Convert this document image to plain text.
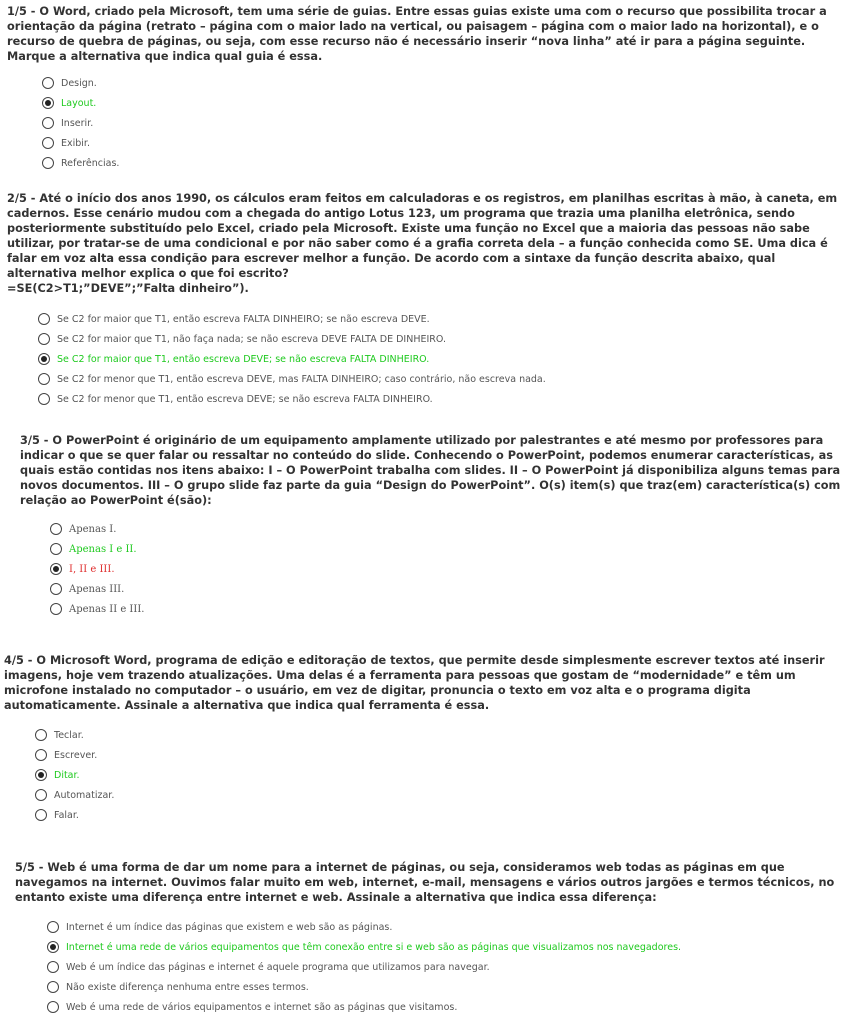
1/5 - O Word, criado pela Microsoft, tem uma série de guias. Entre essas guias existe uma com o recurso que possibilita trocar a orientação da página (retrato – página com o maior lado na vertical, ou paisagem – página com o maior lado na horizontal), e o recurso de quebra de páginas, ou seja, com esse recurso não é necessário inserir “nova linha” até ir para a página seguinte. Marque a alternativa que indica qual guia é essa.

Design.
Layout.
Inserir.
Exibir.
Referências.

2/5 - Até o início dos anos 1990, os cálculos eram feitos em calculadoras e os registros, em planilhas escritas à mão, à caneta, em cadernos. Esse cenário mudou com a chegada do antigo Lotus 123, um programa que trazia uma planilha eletrônica, sendo posteriormente substituído pelo Excel, criado pela Microsoft. Existe uma função no Excel que a maioria das pessoas não sabe utilizar, por tratar-se de uma condicional e por não saber como é a grafia correta dela – a função conhecida como SE. Uma dica é falar em voz alta essa condição para escrever melhor a função. De acordo com a sintaxe da função descrita abaixo, qual alternativa melhor explica o que foi escrito?
=SE(C2>T1;”DEVE”;”Falta dinheiro”).

Se C2 for maior que T1, então escreva FALTA DINHEIRO; se não escreva DEVE.
Se C2 for maior que T1, não faça nada; se não escreva DEVE FALTA DE DINHEIRO.
Se C2 for maior que T1, então escreva DEVE; se não escreva FALTA DINHEIRO.
Se C2 for menor que T1, então escreva DEVE, mas FALTA DINHEIRO; caso contrário, não escreva nada.
Se C2 for menor que T1, então escreva DEVE; se não escreva FALTA DINHEIRO.

3/5 - O PowerPoint é originário de um equipamento amplamente utilizado por palestrantes e até mesmo por professores para indicar o que se quer falar ou ressaltar no conteúdo do slide. Conhecendo o PowerPoint, podemos enumerar características, as quais estão contidas nos itens abaixo: I – O PowerPoint trabalha com slides. II – O PowerPoint já disponibiliza alguns temas para novos documentos. III – O grupo slide faz parte da guia “Design do PowerPoint”. O(s) item(s) que traz(em) característica(s) com relação ao PowerPoint é(são):

Apenas I.
Apenas I e II.
I, II e III.
Apenas III.
Apenas II e III.

4/5 - O Microsoft Word, programa de edição e editoração de textos, que permite desde simplesmente escrever textos até inserir imagens, hoje vem trazendo atualizações. Uma delas é a ferramenta para pessoas que gostam de “modernidade” e têm um microfone instalado no computador – o usuário, em vez de digitar, pronuncia o texto em voz alta e o programa digita automaticamente. Assinale a alternativa que indica qual ferramenta é essa.

Teclar.
Escrever.
Ditar.
Automatizar.
Falar.

5/5 - Web é uma forma de dar um nome para a internet de páginas, ou seja, consideramos web todas as páginas em que navegamos na internet. Ouvimos falar muito em web, internet, e-mail, mensagens e vários outros jargões e termos técnicos, no entanto existe uma diferença entre internet e web. Assinale a alternativa que indica essa diferença:

Internet é um índice das páginas que existem e web são as páginas.
Internet é uma rede de vários equipamentos que têm conexão entre si e web são as páginas que visualizamos nos navegadores.
Web é um índice das páginas e internet é aquele programa que utilizamos para navegar.
Não existe diferença nenhuma entre esses termos.
Web é uma rede de vários equipamentos e internet são as páginas que visitamos.
